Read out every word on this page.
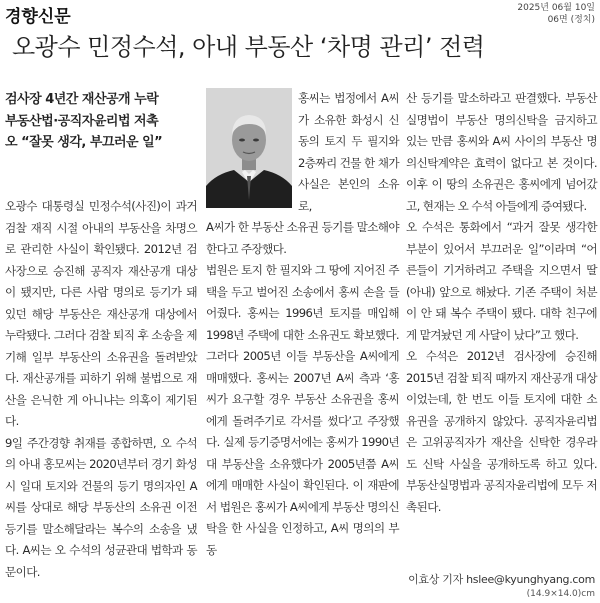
경향신문	2025년 06월 10일
06면 (정치)
오광수 민정수석, 아내 부동산 ‘차명 관리’ 전력
검사장 4년간 재산공개 누락
부동산법·공직자윤리법 저촉
오 “잘못 생각, 부끄러운 일”

오광수 대통령실 민정수석(사진)이 과거 검찰 재직 시절 아내의 부동산을 차명으로 관리한 사실이 확인됐다. 2012년 검사장으로 승진해 공직자 재산공개 대상이 됐지만, 다른 사람 명의로 등기가 돼 있던 해당 부동산은 재산공개 대상에서 누락됐다. 그러다 검찰 퇴직 후 소송을 제기해 일부 부동산의 소유권을 돌려받았다. 재산공개를 피하기 위해 불법으로 재산을 은닉한 게 아니냐는 의혹이 제기된다.

9일 주간경향 취재를 종합하면, 오 수석의 아내 홍모씨는 2020년부터 경기 화성시 일대 토지와 건물의 등기 명의자인 A씨를 상대로 해당 부동산의 소유권 이전 등기를 말소해달라는 복수의 소송을 냈다. A씨는 오 수석의 성균관대 법학과 동문이다.

홍씨는 법정에서 A씨가 소유한 화성시 신동의 토지 두 필지와 2층짜리 건물 한 채가 사실은 본인의 소유로,

A씨가 한 부동산 소유권 등기를 말소해야 한다고 주장했다.

법원은 토지 한 필지와 그 땅에 지어진 주택을 두고 벌어진 소송에서 홍씨 손을 들어줬다. 홍씨는 1996년 토지를 매입해 1998년 주택에 대한 소유권도 확보했다. 그러다 2005년 이들 부동산을 A씨에게 매매했다. 홍씨는 2007년 A씨 측과 ‘홍씨가 요구할 경우 부동산 소유권을 홍씨에게 돌려주기로 각서를 썼다’고 주장했다. 실제 등기증명서에는 홍씨가 1990년대 부동산을 소유했다가 2005년쯤 A씨에게 매매한 사실이 확인된다. 이 재판에서 법원은 홍씨가 A씨에게 부동산 명의신탁을 한 사실을 인정하고, A씨 명의의 부동

산 등기를 말소하라고 판결했다. 부동산실명법이 부동산 명의신탁을 금지하고 있는 만큼 홍씨와 A씨 사이의 부동산 명의신탁계약은 효력이 없다고 본 것이다. 이후 이 땅의 소유권은 홍씨에게 넘어갔고, 현재는 오 수석 아들에게 증여됐다.

오 수석은 통화에서 “과거 잘못 생각한 부분이 있어서 부끄러운 일”이라며 “어른들이 기거하려고 주택을 지으면서 딸(아내) 앞으로 해놨다. 기존 주택이 처분이 안 돼 복수 주택이 됐다. 대학 친구에게 맡겨놨던 게 사달이 났다”고 했다.

오 수석은 2012년 검사장에 승진해 2015년 검찰 퇴직 때까지 재산공개 대상이었는데, 한 번도 이들 토지에 대한 소유권을 공개하지 않았다. 공직자윤리법은 고위공직자가 재산을 신탁한 경우라도 신탁 사실을 공개하도록 하고 있다. 부동산실명법과 공직자윤리법에 모두 저촉된다.

이효상 기자 hslee@kyunghyang.com
(14.9×14.0)cm
